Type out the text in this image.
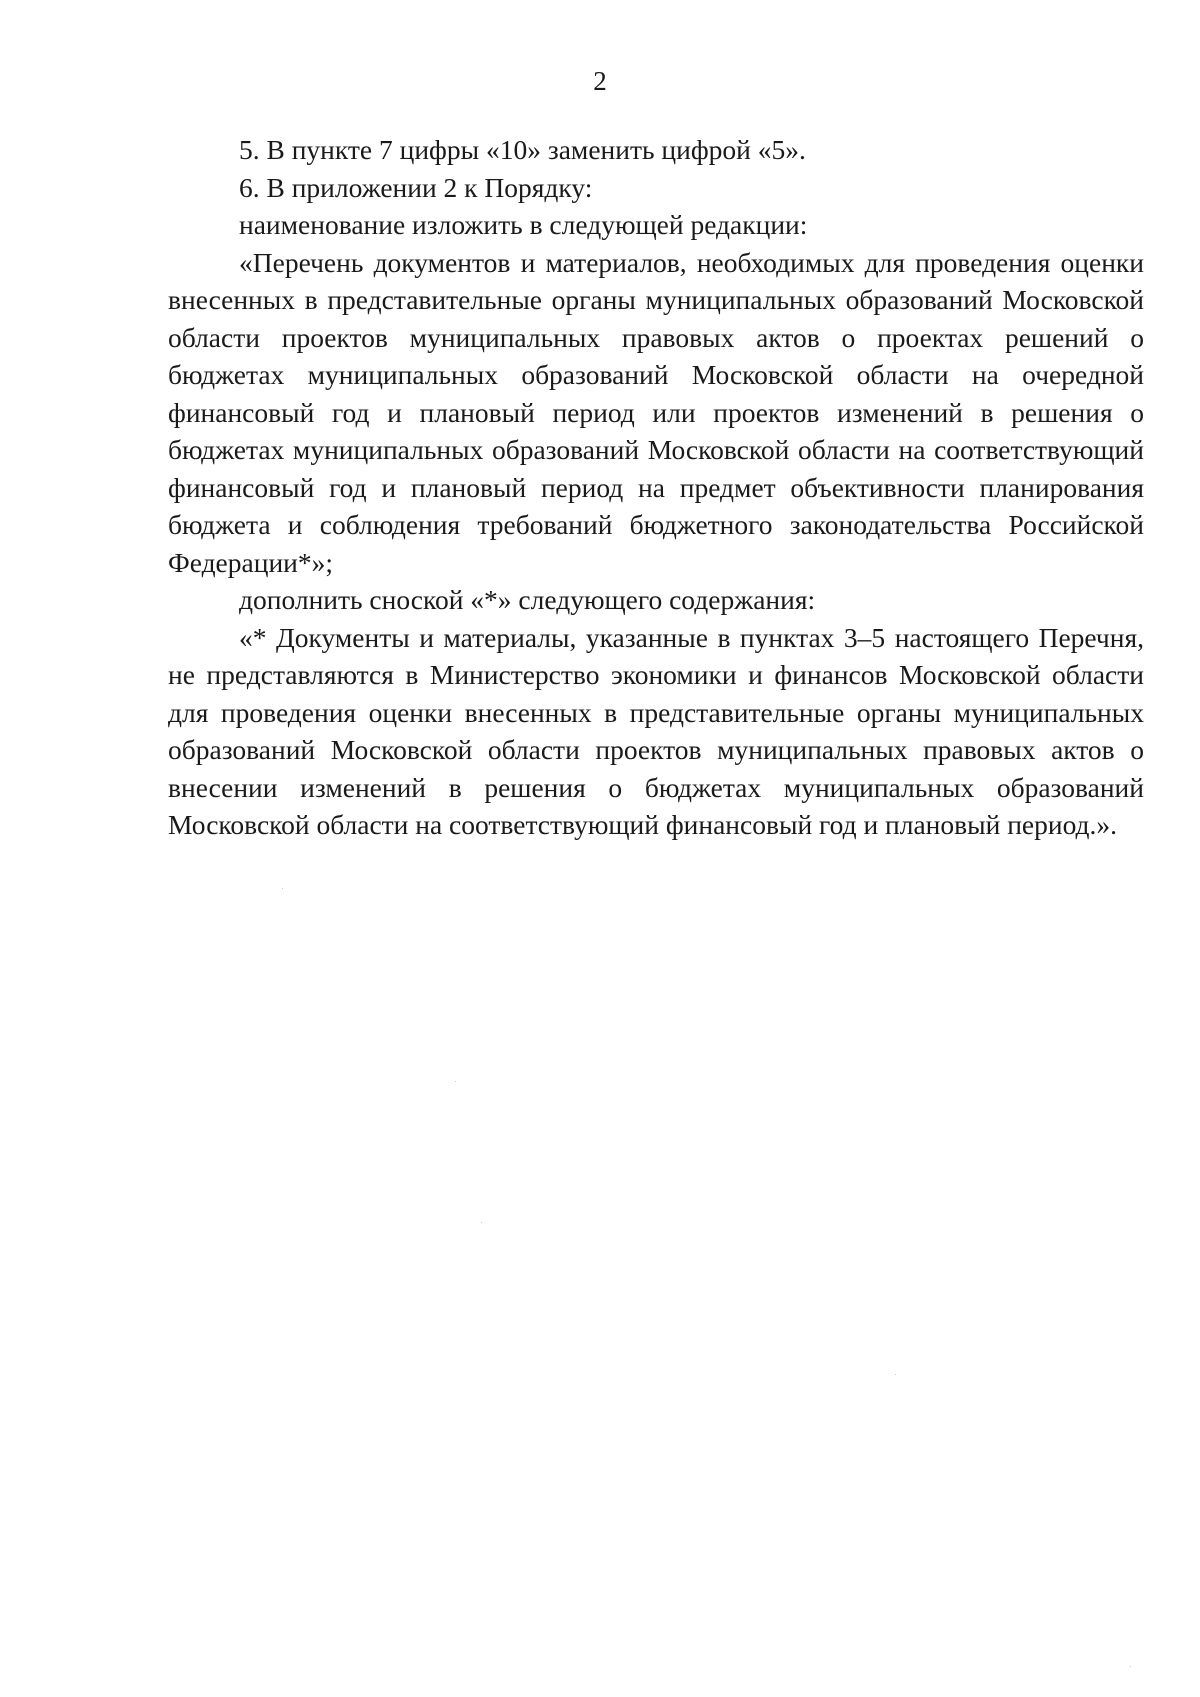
2

5. В пункте 7 цифры «10» заменить цифрой «5».

6. В приложении 2 к Порядку:

наименование изложить в следующей редакции:

«Перечень документов и материалов, необходимых для проведения оценки внесенных в представительные органы муниципальных образований Московской области проектов муниципальных правовых актов о проектах решений о бюджетах муниципальных образований Московской области на очередной финансовый год и плановый период или проектов изменений в решения о бюджетах муниципальных образований Московской области на соответствующий финансовый год и плановый период на предмет объективности планирования бюджета и соблюдения требований бюджетного законодательства Российской Федерации*»;

дополнить сноской «*» следующего содержания:

«* Документы и материалы, указанные в пунктах 3–5 настоящего Перечня, не представляются в Министерство экономики и финансов Московской области для проведения оценки внесенных в представительные органы муниципальных образований Московской области проектов муниципальных правовых актов о внесении изменений в решения о бюджетах муниципальных образований Московской области на соответствующий финансовый год и плановый период.».
